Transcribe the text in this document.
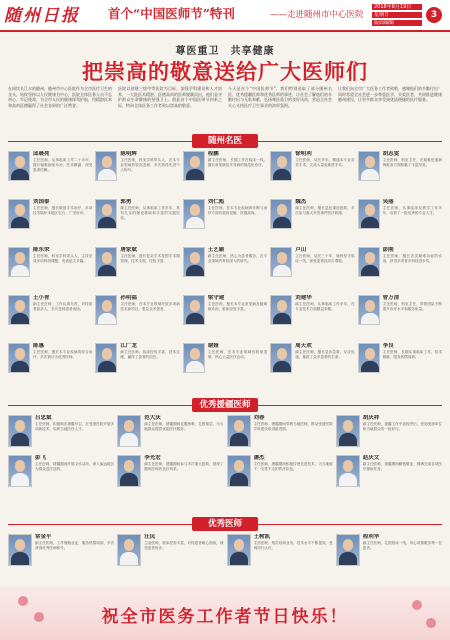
随州日报	首个“中国医师节”特刊	——走进随州市中心医院
2018年8月19日
星期日
版面编辑
3
尊医重卫　共享健康
把崇高的敬意送给广大医师们
在同饮长江水的随州，随州市中心医院作为全市医疗卫生的龙头，始终坚持以人民健康为中心，医院全体医务人员不忘初心、牢记使命，为全市人民的健康保驾护航，用精湛医术和高尚医德赢得了社会各界的广泛赞誉。
医院以创建三级甲等医院为目标，加强学科建设和人才培养，一大批医术精湛、医德高尚的医师脱颖而出，他们是守护群众生命健康的坚强卫士。值此首个中国医师节到来之际，特向全体医务工作者致以崇高的敬意。
今天是首个“中国医师节”，我们特别选取了部分随州名医、优秀援疆医师和优秀医师的事迹，让社会了解他们的辛勤付出与无私奉献，弘扬尊医重卫的良好风尚，营造全社会关心支持医疗卫生事业的浓厚氛围。
让我们向全市广大医务工作者致敬，感谢他们的辛勤付出！同时希望全社会进一步尊重医学、关爱医者，共同推进健康随州建设，让更多群众享受到优质便捷的医疗服务。
随州名医
邱晨亮
主任医师，从事临床工作二十余年，擅长疑难病症诊治，医术精湛，深受患者信赖。
陈明辉
主任医师，科室学科带头人，在本专业领域有较高造诣，多次获得先进个人称号。
程鹏
副主任医师，长期工作在临床一线，擅长常见病及多发病的规范化诊疗。
徐明利
主任医师，从医多年，精通本专业各类手术，完成大量高难度手术。
胡志雯
主任医师，科室主任，在疑难危重病例救治方面积累了丰富经验。
刘国泰
主任医师，擅长微创手术治疗，多项技术填补本地区空白，广受好评。
郭勇
副主任医师，从事临床工作多年，具有扎实的理论基础和丰富的实践经验。
刘仁彪
主任医师，在本专业疾病的诊断与治疗方面有独到见解，医德高尚。
魏杰
副主任医师，擅长急危重症抢救，多次参与重大突发事件医疗救援。
吴丽
主任医师，从事临床及教学工作多年，培养了一批优秀的专业人才。
陈东荣
主任医师，科室学科带头人，主持完成多项科研课题，发表论文多篇。
唐家斌
主任医师，擅长复杂手术及围手术期管理，技术全面，经验丰富。
王艺颖
副主任医师，热心为患者服务，在专业领域内有较深入的研究。
卢山
主任医师，从医三十年，始终坚守临床一线，深受患者及同行尊敬。
彭刚
主任医师，擅长各类疑难杂症的诊治，获得多项省市科技进步奖。
王小青
副主任医师，工作认真负责，对待患者如亲人，多次受到患者表扬。
孙明福
主任医师，在本专业领域开展多项新技术新项目，惠及众多患者。
梁守建
主任医师，擅长本专业常见病及疑难病诊治，临床经验丰富。
刘建华
副主任医师，从事临床工作多年，在专业技术方面精益求精。
曾万清
主任医师，科室主任，带领团队不断提升诊疗水平和服务质量。
陈惠
主任医师，擅长本专业疾病的综合治疗，多次被评为优秀医师。
江广龙
副主任医师，临床经验丰富，技术过硬，赢得了患者的信任。
谢娅
主任医师，在本专业领域有较深造诣，热心公益医疗活动。
周天欢
副主任医师，擅长急诊急救，反应迅速，挽救了众多患者的生命。
李良
主任医师，长期从事临床工作，技术精湛，服务热情周到。
优秀援疆医师
吕忠斌
主任医师，积极响应援疆号召，在受援医院开展多项新技术，培养当地医疗人才。
范大庆
副主任医师，援疆期间克服困难，扎根基层，为当地群众提供优质医疗服务。
刘春
主任医师，援疆期间带教当地医师，推动受援医院学科建设取得新进展。
胡庆祥
副主任医师，援疆工作中表现突出，受到受援单位和当地群众的一致好评。
彭飞
主任医师，援疆期间开展义诊活动，深入偏远地区为群众送医送药。
李光宏
副主任医师，援疆期间参与多次重大抢救，展现了随州医师的良好风采。
潘杰
主任医师，援疆期间积极传授先进技术，为当地留下一支带不走的医疗队伍。
赵庆文
副主任医师，援疆期间勤勉敬业，圆满完成各项医疗援助任务。
优秀医师
常金平
副主任医师，工作兢兢业业，服务热情周到，多次获得优秀医师称号。
汪民
主治医师，临床经验丰富，对待患者耐心细致，深受患者好评。
王树凯
主治医师，刻苦钻研业务，技术水平不断提高，受到同行认可。
程利华
副主任医师，扎根临床一线，用心用情服务每一位患者。
祝全市医务工作者节日快乐！
